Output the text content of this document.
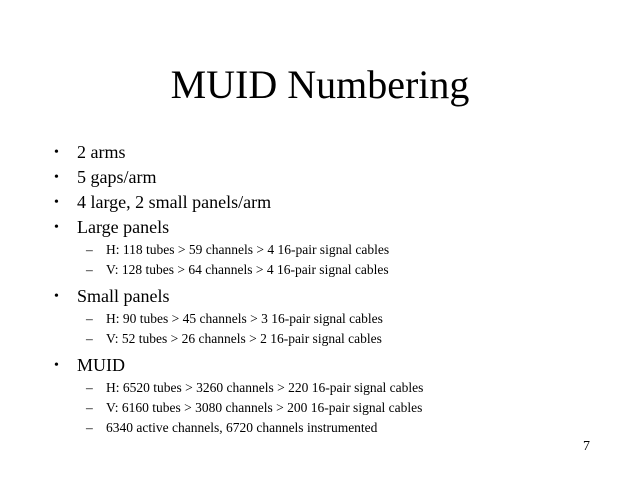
MUID Numbering
• 2 arms
• 5 gaps/arm
• 4 large, 2 small panels/arm
• Large panels
– H: 118 tubes > 59 channels > 4 16-pair signal cables
– V: 128 tubes > 64 channels > 4 16-pair signal cables
• Small panels
– H: 90 tubes > 45 channels > 3 16-pair signal cables
– V: 52 tubes > 26 channels > 2 16-pair signal cables
• MUID
– H: 6520 tubes > 3260 channels > 220 16-pair signal cables
– V: 6160 tubes > 3080 channels > 200 16-pair signal cables
– 6340 active channels, 6720 channels instrumented
7
